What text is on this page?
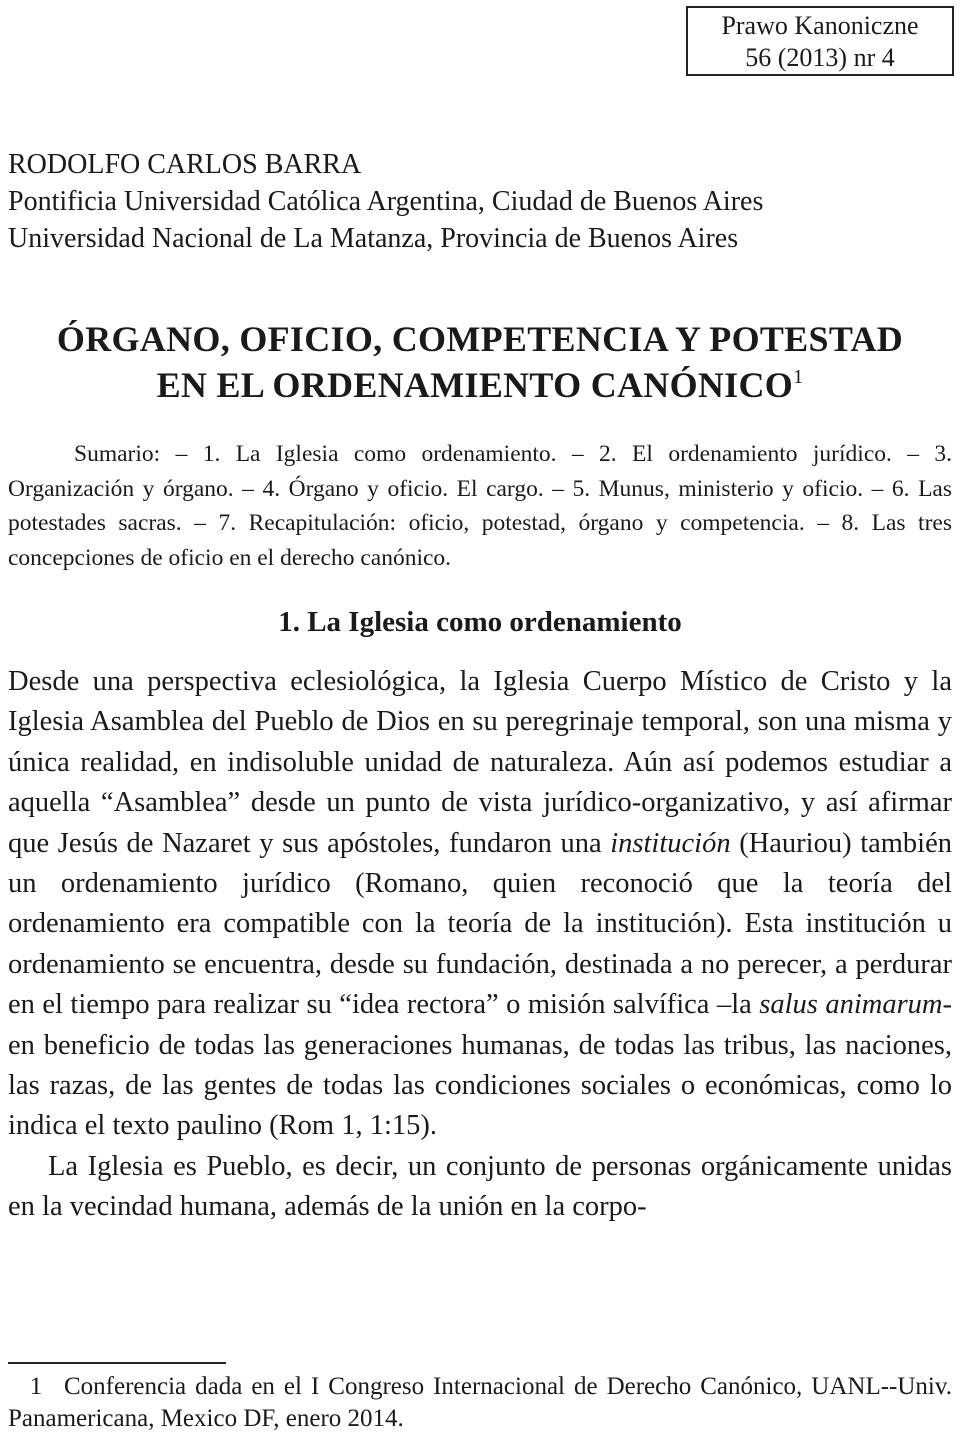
Prawo Kanoniczne
56 (2013) nr 4
RODOLFO CARLOS BARRA
Pontificia Universidad Católica Argentina, Ciudad de Buenos Aires
Universidad Nacional de La Matanza, Provincia de Buenos Aires
ÓRGANO, OFICIO, COMPETENCIA Y POTESTAD
EN EL ORDENAMIENTO CANÓNICO$^1$
Sumario: – 1. La Iglesia como ordenamiento. – 2. El ordenamiento jurídico. – 3. Organización y órgano. – 4. Órgano y oficio. El cargo. – 5. Munus, ministerio y oficio. – 6. Las potestades sacras. – 7. Recapitulación: oficio, potestad, órgano y competencia. – 8. Las tres concepciones de oficio en el derecho canónico.
1. La Iglesia como ordenamiento

Desde una perspectiva eclesiológica, la Iglesia Cuerpo Místico de Cristo y la Iglesia Asamblea del Pueblo de Dios en su peregrinaje temporal, son una misma y única realidad, en indisoluble unidad de naturaleza. Aún así podemos estudiar a aquella “Asamblea” desde un punto de vista jurídico-organizativo, y así afirmar que Jesús de Nazaret y sus apóstoles, fundaron una institución (Hauriou) también un ordenamiento jurídico (Romano, quien reconoció que la teoría del ordenamiento era compatible con la teoría de la institución). Esta institución u ordenamiento se encuentra, desde su fundación, destinada a no perecer, a perdurar en el tiempo para realizar su “idea rectora” o misión salvífica –la salus animarum- en beneficio de todas las generaciones humanas, de todas las tribus, las naciones, las razas, de las gentes de todas las condiciones sociales o económicas, como lo indica el texto paulino (Rom 1, 1:15).

La Iglesia es Pueblo, es decir, un conjunto de personas orgánicamente unidas en la vecindad humana, además de la unión en la corpo-

1 Conferencia dada en el I Congreso Internacional de Derecho Canónico, UANL--Univ. Panamericana, Mexico DF, enero 2014.
